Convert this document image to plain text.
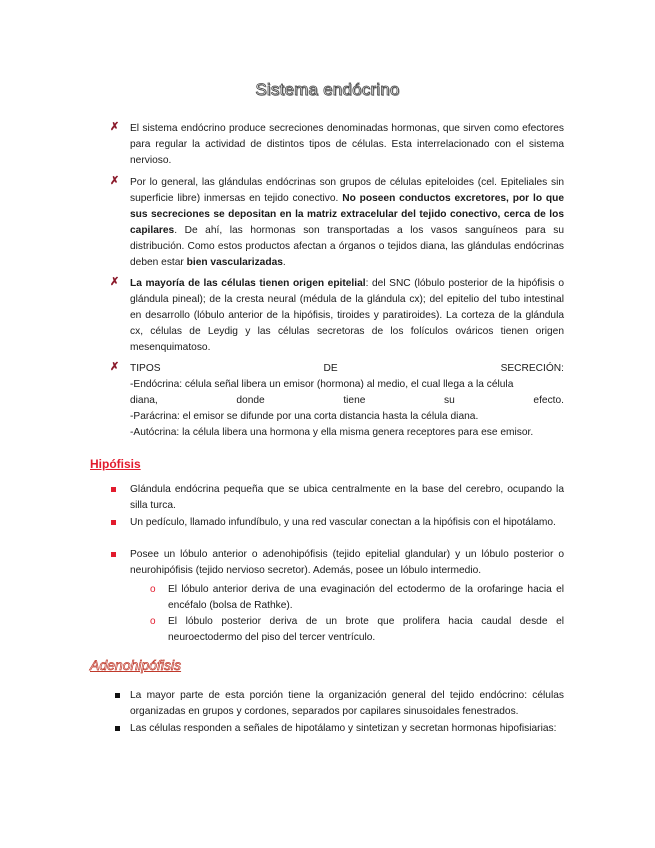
Sistema endócrino
✗ El sistema endócrino produce secreciones denominadas hormonas, que sirven como efectores para regular la actividad de distintos tipos de células. Esta interrelacionado con el sistema nervioso.
✗ Por lo general, las glándulas endócrinas son grupos de células epiteloides (cel. Epiteliales sin superficie libre) inmersas en tejido conectivo. No poseen conductos excretores, por lo que sus secreciones se depositan en la matriz extracelular del tejido conectivo, cerca de los capilares. De ahí, las hormonas son transportadas a los vasos sanguíneos para su distribución. Como estos productos afectan a órganos o tejidos diana, las glándulas endócrinas deben estar bien vascularizadas.
✗ La mayoría de las células tienen origen epitelial: del SNC (lóbulo posterior de la hipófisis o glándula pineal); de la cresta neural (médula de la glándula cx); del epitelio del tubo intestinal en desarrollo (lóbulo anterior de la hipófisis, tiroides y paratiroides). La corteza de la glándula cx, células de Leydig y las células secretoras de los folículos ováricos tienen origen mesenquimatoso.
✗ TIPOS	DE	SECRECIÓN:
-Endócrina: célula señal libera un emisor (hormona) al medio, el cual llega a la célula
diana,	donde	tiene	su	efecto.
-Parácrina: el emisor se difunde por una corta distancia hasta la célula diana.
-Autócrina: la célula libera una hormona y ella misma genera receptores para ese emisor.
Hipófisis
Glándula endócrina pequeña que se ubica centralmente en la base del cerebro, ocupando la silla turca.
Un pedículo, llamado infundíbulo, y una red vascular conectan a la hipófisis con el hipotálamo.
Posee un lóbulo anterior o adenohipófisis (tejido epitelial glandular) y un lóbulo posterior o neurohipófisis (tejido nervioso secretor). Además, posee un lóbulo intermedio.
o El lóbulo anterior deriva de una evaginación del ectodermo de la orofaringe hacia el encéfalo (bolsa de Rathke).
o El lóbulo posterior deriva de un brote que prolifera hacia caudal desde el neuroectodermo del piso del tercer ventrículo.
Adenohipófisis
La mayor parte de esta porción tiene la organización general del tejido endócrino: células organizadas en grupos y cordones, separados por capilares sinusoidales fenestrados.
Las células responden a señales de hipotálamo y sintetizan y secretan hormonas hipofisiarias:
